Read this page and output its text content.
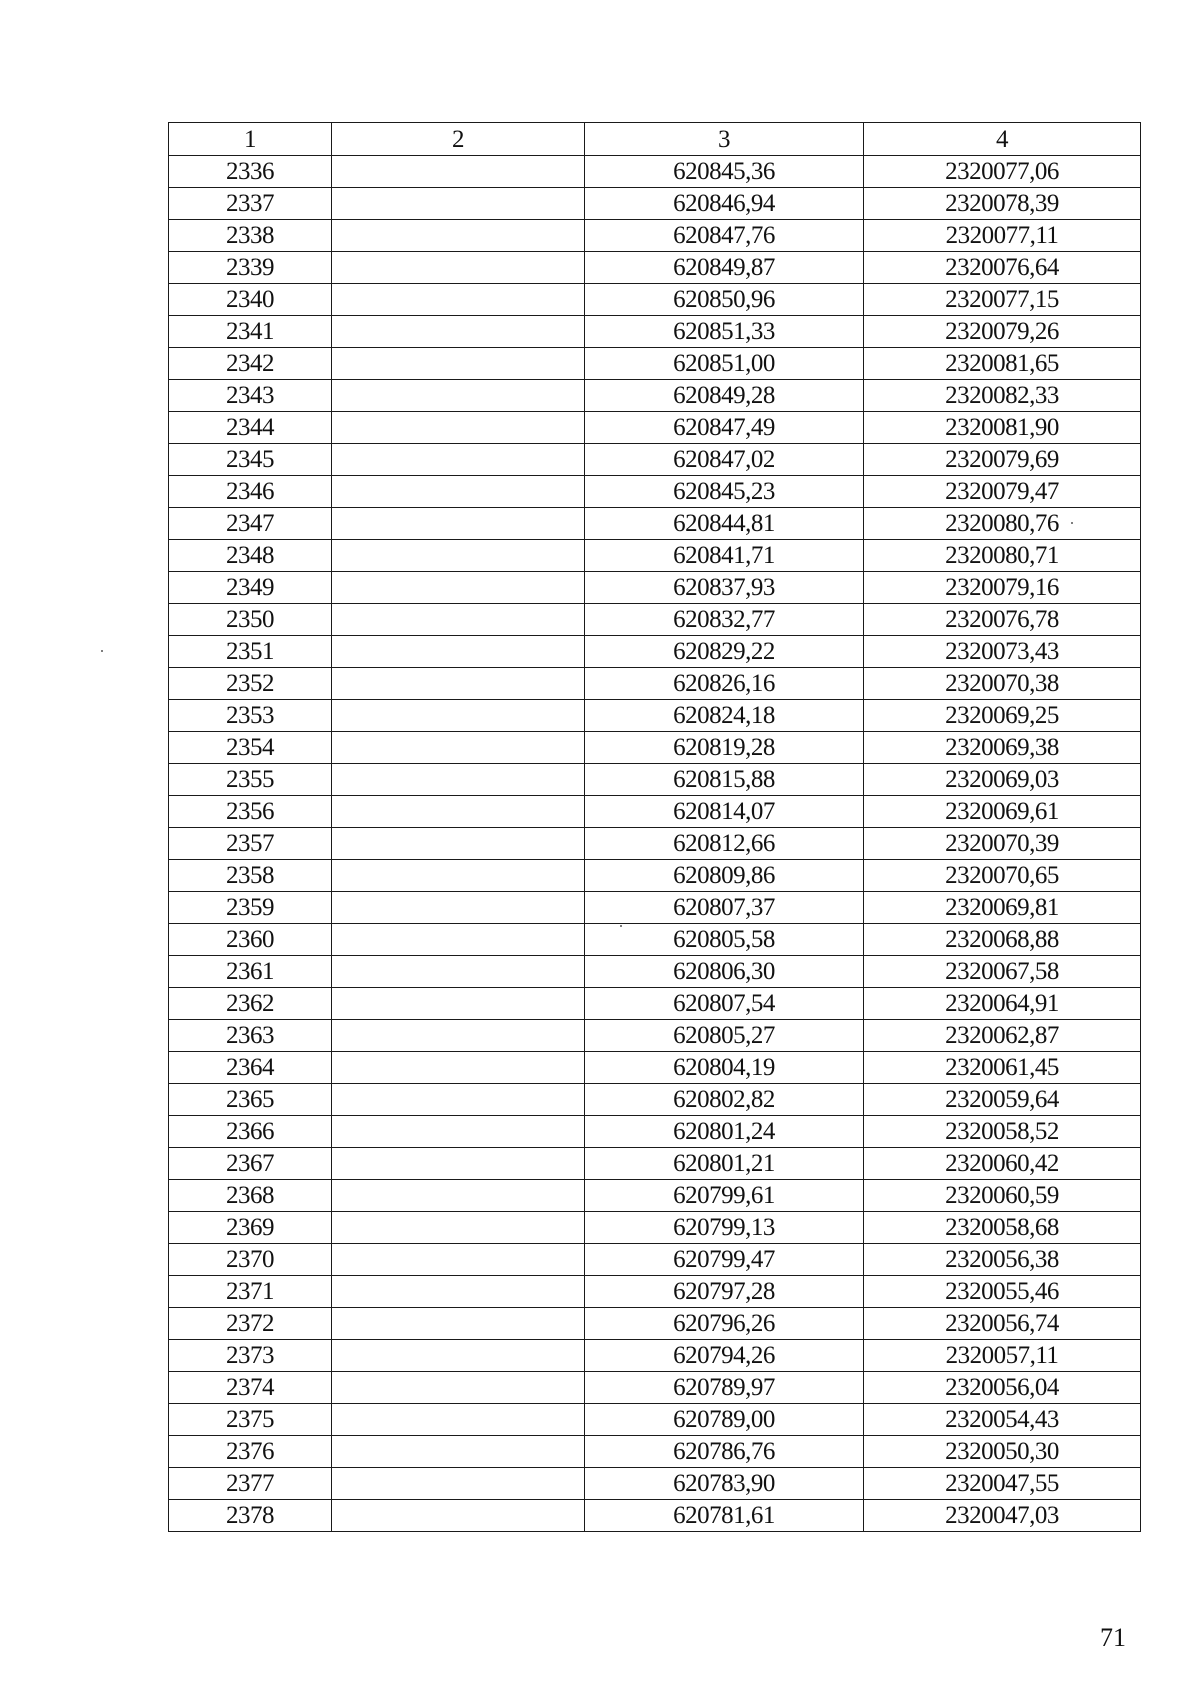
1	2	3	4
2336		620845,36	2320077,06
2337		620846,94	2320078,39
2338		620847,76	2320077,11
2339		620849,87	2320076,64
2340		620850,96	2320077,15
2341		620851,33	2320079,26
2342		620851,00	2320081,65
2343		620849,28	2320082,33
2344		620847,49	2320081,90
2345		620847,02	2320079,69
2346		620845,23	2320079,47
2347		620844,81	2320080,76
2348		620841,71	2320080,71
2349		620837,93	2320079,16
2350		620832,77	2320076,78
2351		620829,22	2320073,43
2352		620826,16	2320070,38
2353		620824,18	2320069,25
2354		620819,28	2320069,38
2355		620815,88	2320069,03
2356		620814,07	2320069,61
2357		620812,66	2320070,39
2358		620809,86	2320070,65
2359		620807,37	2320069,81
2360		620805,58	2320068,88
2361		620806,30	2320067,58
2362		620807,54	2320064,91
2363		620805,27	2320062,87
2364		620804,19	2320061,45
2365		620802,82	2320059,64
2366		620801,24	2320058,52
2367		620801,21	2320060,42
2368		620799,61	2320060,59
2369		620799,13	2320058,68
2370		620799,47	2320056,38
2371		620797,28	2320055,46
2372		620796,26	2320056,74
2373		620794,26	2320057,11
2374		620789,97	2320056,04
2375		620789,00	2320054,43
2376		620786,76	2320050,30
2377		620783,90	2320047,55
2378		620781,61	2320047,03
71
